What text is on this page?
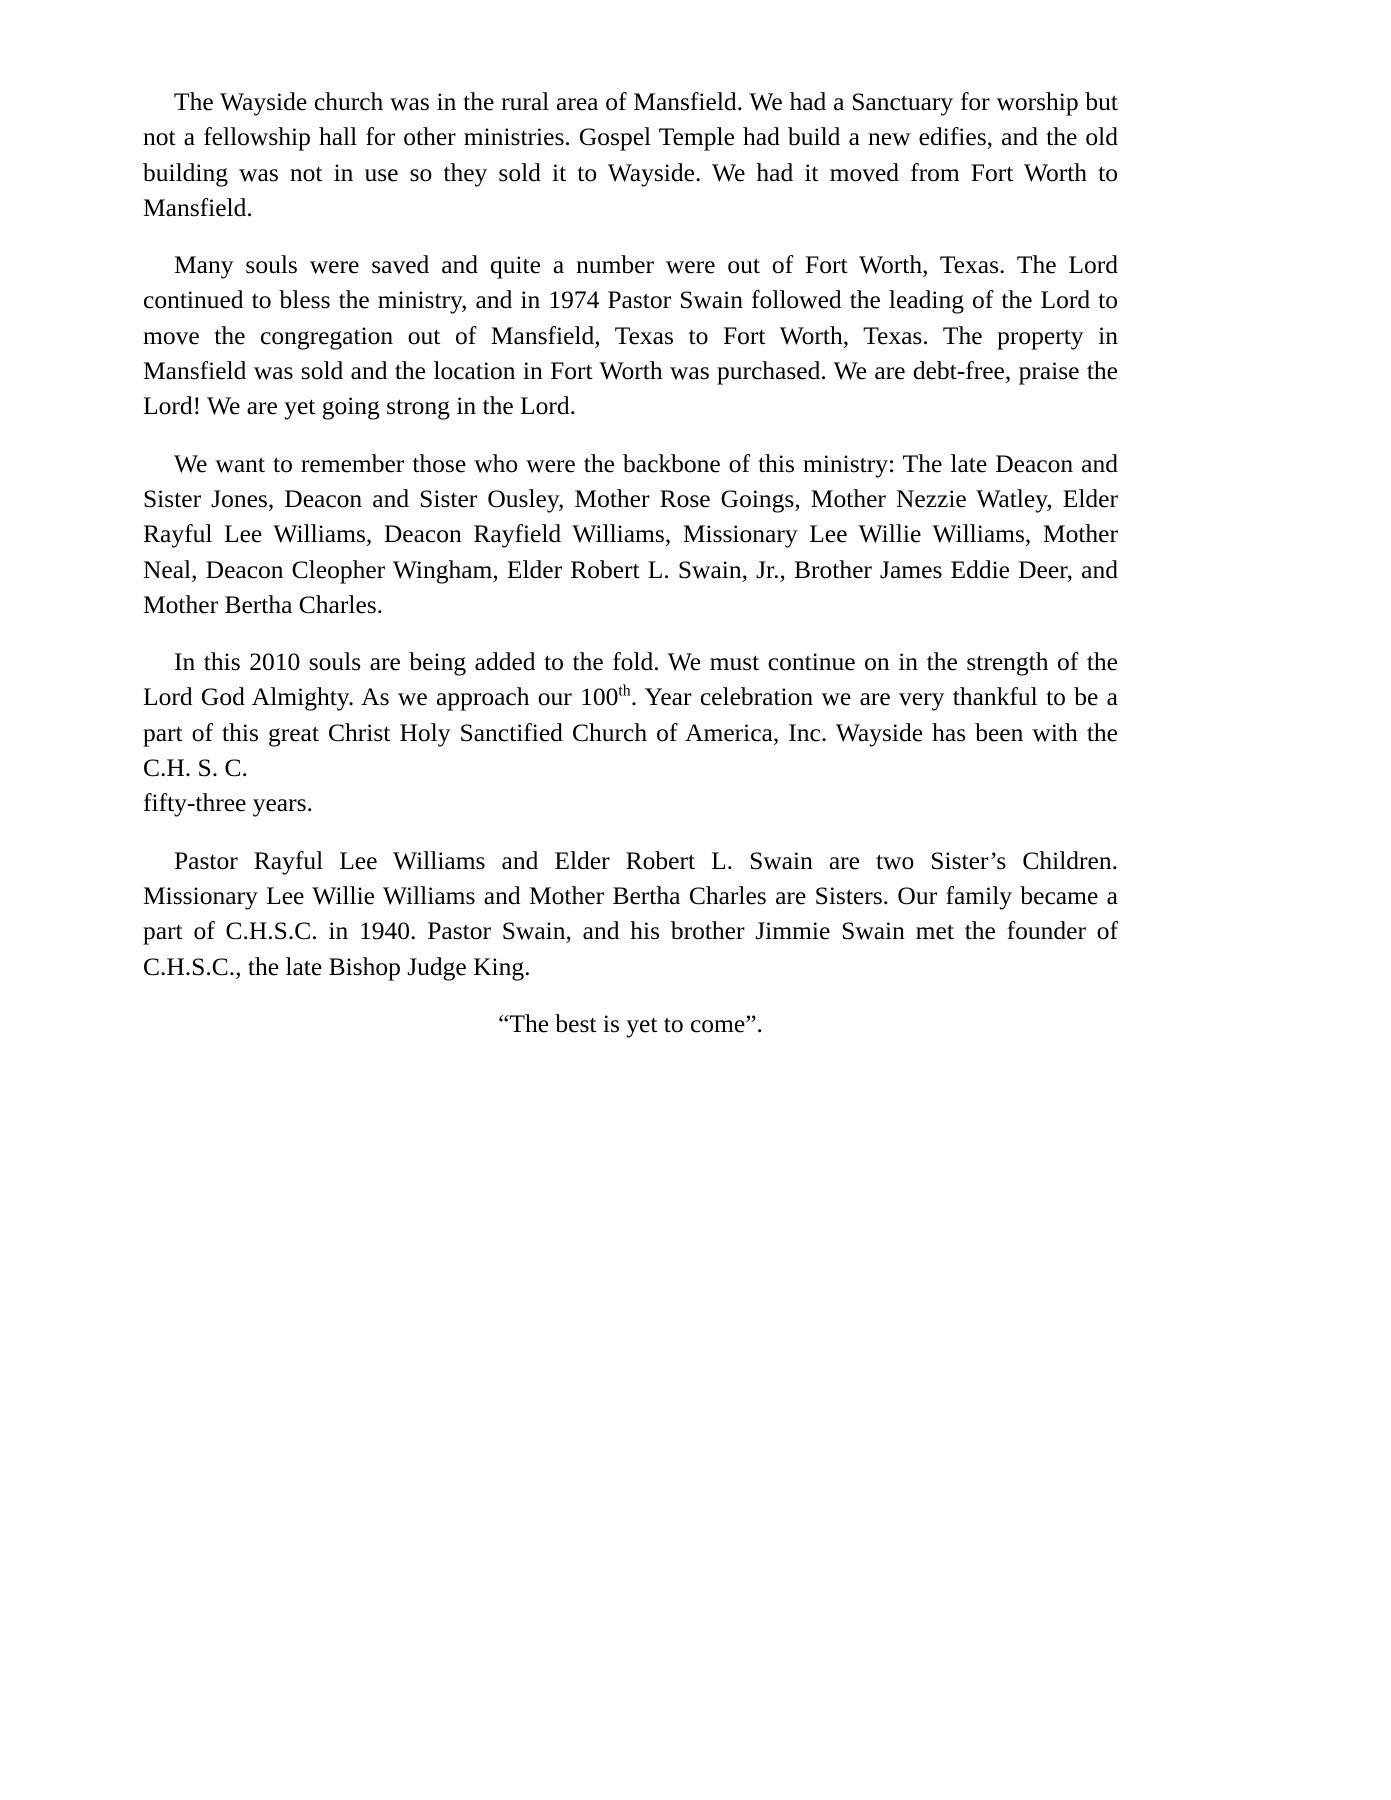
The Wayside church was in the rural area of Mansfield. We had a Sanctuary for worship but not a fellowship hall for other ministries. Gospel Temple had build a new edifies, and the old building was not in use so they sold it to Wayside. We had it moved from Fort Worth to Mansfield.

Many souls were saved and quite a number were out of Fort Worth, Texas. The Lord continued to bless the ministry, and in 1974 Pastor Swain followed the leading of the Lord to move the congregation out of Mansfield, Texas to Fort Worth, Texas. The property in Mansfield was sold and the location in Fort Worth was purchased. We are debt-free, praise the Lord! We are yet going strong in the Lord.

We want to remember those who were the backbone of this ministry: The late Deacon and Sister Jones, Deacon and Sister Ousley, Mother Rose Goings, Mother Nezzie Watley, Elder Rayful Lee Williams, Deacon Rayfield Williams, Missionary Lee Willie Williams, Mother Neal, Deacon Cleopher Wingham, Elder Robert L. Swain, Jr., Brother James Eddie Deer, and Mother Bertha Charles.

In this 2010 souls are being added to the fold. We must continue on in the strength of the Lord God Almighty. As we approach our 100th. Year celebration we are very thankful to be a part of this great Christ Holy Sanctified Church of America, Inc. Wayside has been with the C.H. S. C.
fifty-three years.

Pastor Rayful Lee Williams and Elder Robert L. Swain are two Sister’s Children. Missionary Lee Willie Williams and Mother Bertha Charles are Sisters. Our family became a part of C.H.S.C. in 1940. Pastor Swain, and his brother Jimmie Swain met the founder of C.H.S.C., the late Bishop Judge King.

“The best is yet to come”.
